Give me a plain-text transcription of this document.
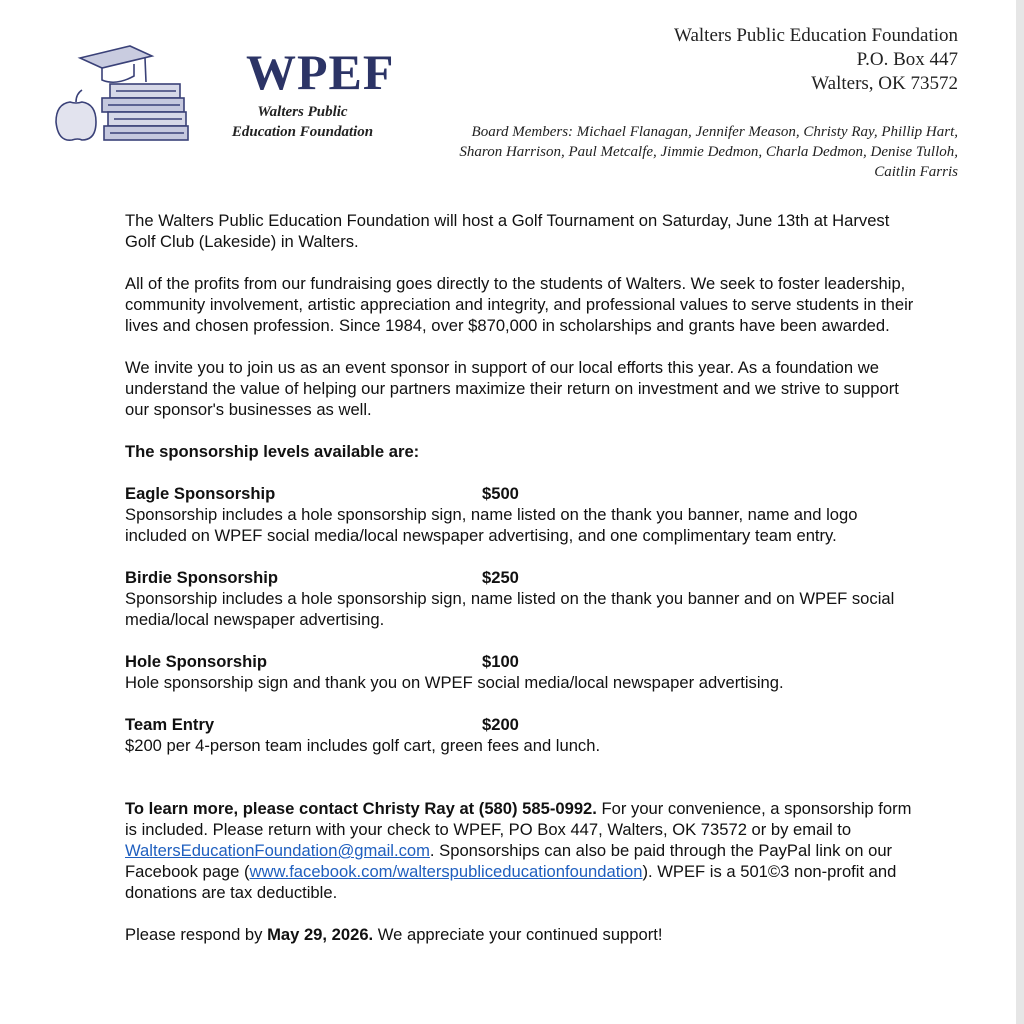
WPEF
Walters Public
Education Foundation
Walters Public Education Foundation
P.O. Box 447
Walters, OK 73572
Board Members: Michael Flanagan, Jennifer Meason, Christy Ray, Phillip Hart,
Sharon Harrison, Paul Metcalfe, Jimmie Dedmon, Charla Dedmon, Denise Tulloh,
Caitlin Farris

The Walters Public Education Foundation will host a Golf Tournament on Saturday, June 13th at Harvest Golf Club (Lakeside) in Walters.

All of the profits from our fundraising goes directly to the students of Walters. We seek to foster leadership, community involvement, artistic appreciation and integrity, and professional values to serve students in their lives and chosen profession. Since 1984, over $870,000 in scholarships and grants have been awarded.

We invite you to join us as an event sponsor in support of our local efforts this year. As a foundation we understand the value of helping our partners maximize their return on investment and we strive to support our sponsor's businesses as well.

The sponsorship levels available are:

Eagle Sponsorship	$500
Sponsorship includes a hole sponsorship sign, name listed on the thank you banner, name and logo included on WPEF social media/local newspaper advertising, and one complimentary team entry.
Birdie Sponsorship	$250
Sponsorship includes a hole sponsorship sign, name listed on the thank you banner and on WPEF social media/local newspaper advertising.
Hole Sponsorship	$100
Hole sponsorship sign and thank you on WPEF social media/local newspaper advertising.
Team Entry	$200
$200 per 4-person team includes golf cart, green fees and lunch.

To learn more, please contact Christy Ray at (580) 585-0992. For your convenience, a sponsorship form is included. Please return with your check to WPEF, PO Box 447, Walters, OK 73572 or by email to WaltersEducationFoundation@gmail.com. Sponsorships can also be paid through the PayPal link on our Facebook page (www.facebook.com/walterspubliceducationfoundation). WPEF is a 501©3 non-profit and donations are tax deductible.

Please respond by May 29, 2026. We appreciate your continued support!
